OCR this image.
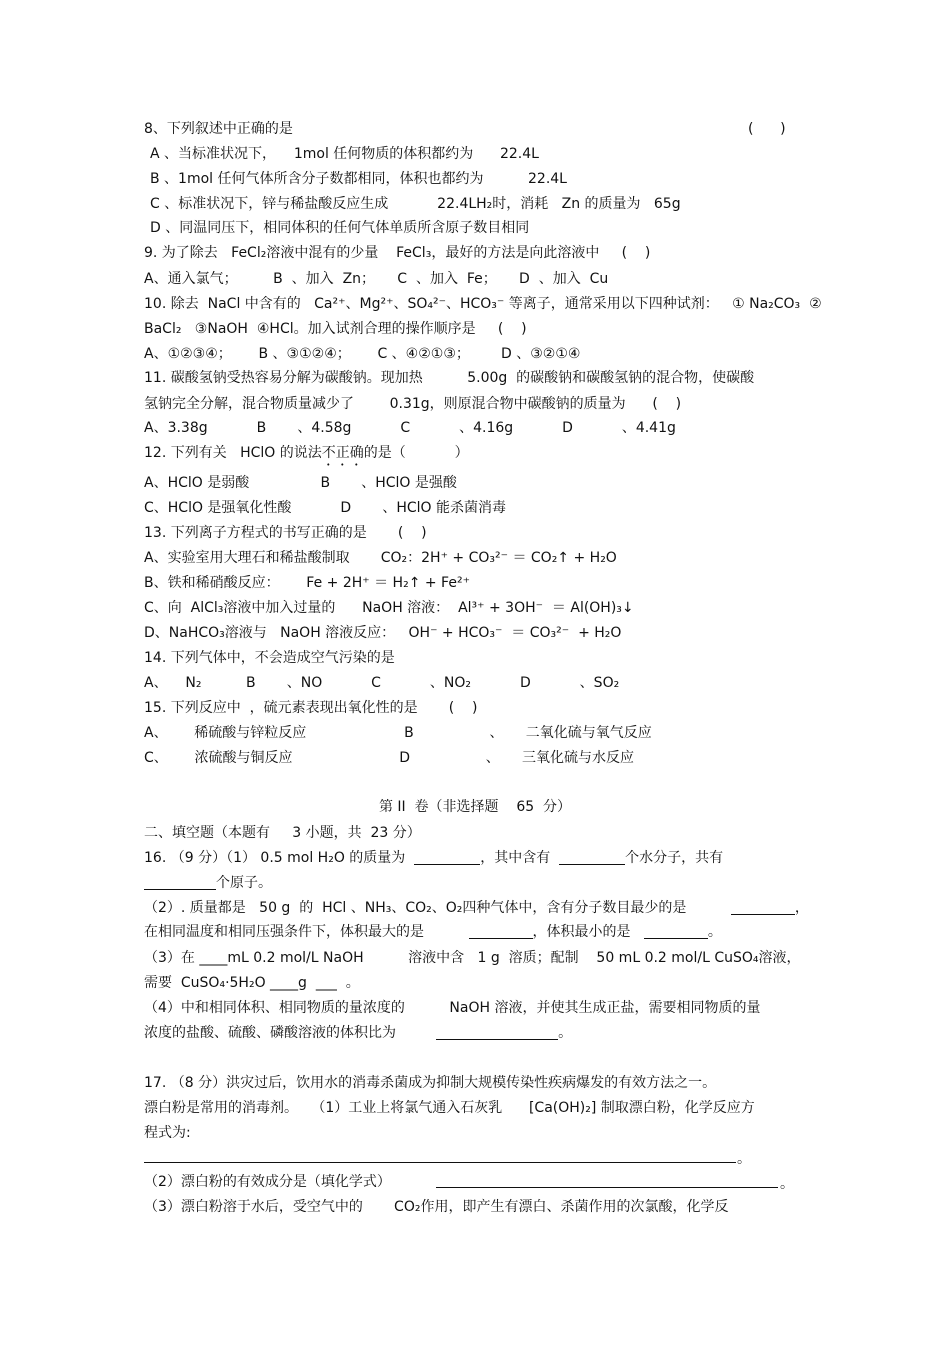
8、下列叙述中正确的是	(      )
A 、当标准状况下，    1mol 任何物质的体积都约为      22.4L
B 、1mol 任何气体所含分子数都相同，体积也都约为          22.4L
C 、标准状况下，锌与稀盐酸反应生成           22.4LH₂时，消耗   Zn 的质量为   65g
D 、同温同压下，相同体积的任何气体单质所含原子数目相同
9. 为了除去   FeCl₂溶液中混有的少量    FeCl₃，最好的方法是向此溶液中     (    )
A、通入氯气；        B  、加入  Zn；     C  、加入  Fe；     D  、加入  Cu
10. 除去  NaCl 中含有的   Ca²⁺、Mg²⁺、SO₄²⁻、HCO₃⁻ 等离子，通常采用以下四种试剂：   ① Na₂CO₃  ②
BaCl₂   ③NaOH  ④HCl。加入试剂合理的操作顺序是     (    )
A、①②③④；      B 、③①②④；      C 、④②①③；       D 、③②①④
11. 碳酸氢钠受热容易分解为碳酸钠。现加热          5.00g  的碳酸钠和碳酸氢钠的混合物，使碳酸
氢钠完全分解，混合物质量减少了        0.31g，则原混合物中碳酸钠的质量为      (    )
A、3.38g           B       、4.58g           C           、4.16g           D           、4.41g
12. 下列有关   HClO 的说法不正确的是（           ）
A、HClO 是弱酸                B       、HClO 是强酸
C、HClO 是强氧化性酸           D       、HClO 能杀菌消毒
13. 下列离子方程式的书写正确的是       (    )
A、实验室用大理石和稀盐酸制取       CO₂：2H⁺ + CO₃²⁻ ＝ CO₂↑ + H₂O
B、铁和稀硝酸反应：      Fe + 2H⁺ ＝ H₂↑ + Fe²⁺
C、向  AlCl₃溶液中加入过量的      NaOH 溶液：  Al³⁺ + 3OH⁻  ＝ Al(OH)₃↓
D、NaHCO₃溶液与   NaOH 溶液反应：   OH⁻ + HCO₃⁻  ＝ CO₃²⁻  + H₂O
14. 下列气体中，不会造成空气污染的是
A、    N₂          B       、NO           C           、NO₂           D           、SO₂
15. 下列反应中  ，硫元素表现出氧化性的是       (    )
A、      稀硫酸与锌粒反应                      B                 、     二氧化硫与氧气反应
C、      浓硫酸与铜反应                        D                 、     三氧化硫与水反应
第 II  卷（非选择题    65  分）
二、填空题（本题有     3 小题，共  23 分）
16. （9 分）（1） 0.5 mol H₂O 的质量为	，其中含有	个水分子，共有
个原子。
（2）. 质量都是   50 g  的  HCl 、NH₃、CO₂、O₂四种气体中，含有分子数目最少的是	，
在相同温度和相同压强条件下，体积最大的是	，体积最小的是	。
（3）在 ____mL 0.2 mol/L NaOH          溶液中含   1 g  溶质；配制    50 mL 0.2 mol/L CuSO₄溶液，
需要  CuSO₄·5H₂O ____g  ___  。
（4）中和相同体积、相同物质的量浓度的          NaOH 溶液，并使其生成正盐，需要相同物质的量
浓度的盐酸、硫酸、磷酸溶液的体积比为	。
17. （8 分）洪灾过后，饮用水的消毒杀菌成为抑制大规模传染性疾病爆发的有效方法之一。
漂白粉是常用的消毒剂。   （1）工业上将氯气通入石灰乳      [Ca(OH)₂] 制取漂白粉，化学反应方
程式为:
。
（2）漂白粉的有效成分是（填化学式）	。
（3）漂白粉溶于水后，受空气中的       CO₂作用，即产生有漂白、杀菌作用的次氯酸，化学反
